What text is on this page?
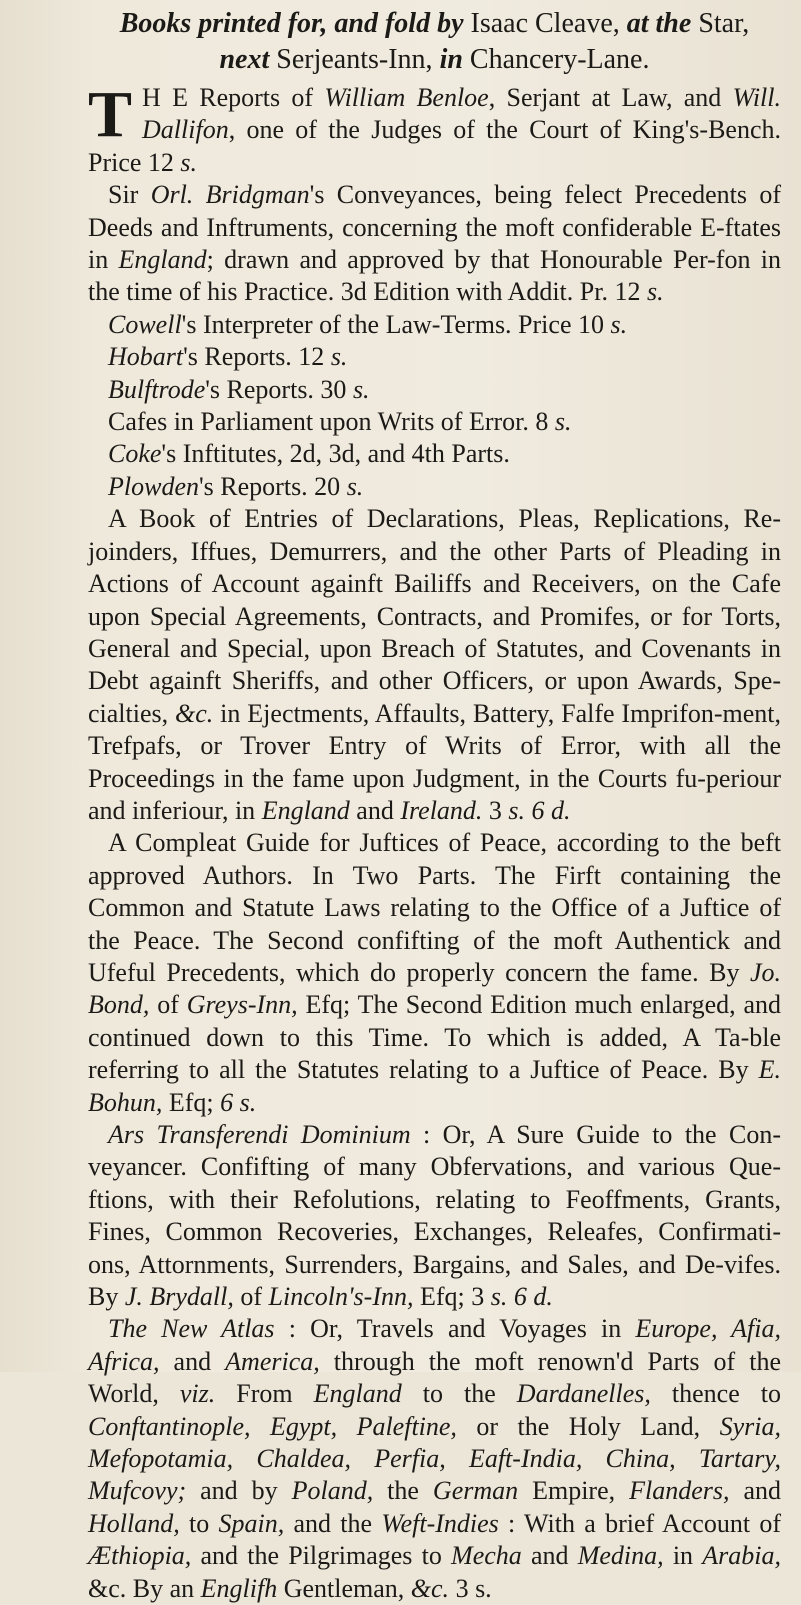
Books printed for, and fold by Isaac Cleave, at the Star,
next Serjeants-Inn, in Chancery-Lane.

T H E Reports of William Benloe, Serjant at Law, and Will. Dallifon, one of the Judges of the Court of King's-Bench. Price 12 s.

Sir Orl. Bridgman's Conveyances, being felect Precedents of Deeds and Inftruments, concerning the moft confiderable E-ftates in England; drawn and approved by that Honourable Per-fon in the time of his Practice. 3d Edition with Addit. Pr. 12 s.

Cowell's Interpreter of the Law-Terms. Price 10 s.

Hobart's Reports. 12 s.

Bulftrode's Reports. 30 s.

Cafes in Parliament upon Writs of Error. 8 s.

Coke's Inftitutes, 2d, 3d, and 4th Parts.

Plowden's Reports. 20 s.

A Book of Entries of Declarations, Pleas, Replications, Re-joinders, Iffues, Demurrers, and the other Parts of Pleading in Actions of Account againft Bailiffs and Receivers, on the Cafe upon Special Agreements, Contracts, and Promifes, or for Torts, General and Special, upon Breach of Statutes, and Covenants in Debt againft Sheriffs, and other Officers, or upon Awards, Spe-cialties, &c. in Ejectments, Affaults, Battery, Falfe Imprifon-ment, Trefpafs, or Trover Entry of Writs of Error, with all the Proceedings in the fame upon Judgment, in the Courts fu-periour and inferiour, in England and Ireland. 3 s. 6 d.

A Compleat Guide for Juftices of Peace, according to the beft approved Authors. In Two Parts. The Firft containing the Common and Statute Laws relating to the Office of a Juftice of the Peace. The Second confifting of the moft Authentick and Ufeful Precedents, which do properly concern the fame. By Jo. Bond, of Greys-Inn, Efq; The Second Edition much enlarged, and continued down to this Time. To which is added, A Ta-ble referring to all the Statutes relating to a Juftice of Peace. By E. Bohun, Efq; 6 s.

Ars Transferendi Dominium : Or, A Sure Guide to the Con-veyancer. Confifting of many Obfervations, and various Que-ftions, with their Refolutions, relating to Feoffments, Grants, Fines, Common Recoveries, Exchanges, Releafes, Confirmati-ons, Attornments, Surrenders, Bargains, and Sales, and De-vifes. By J. Brydall, of Lincoln's-Inn, Efq; 3 s. 6 d.

The New Atlas : Or, Travels and Voyages in Europe, Afia, Africa, and America, through the moft renown'd Parts of the World, viz. From England to the Dardanelles, thence to Conftantinople, Egypt, Paleftine, or the Holy Land, Syria, Mefopotamia, Chaldea, Perfia, Eaft-India, China, Tartary, Mufcovy; and by Poland, the German Empire, Flanders, and Holland, to Spain, and the Weft-Indies : With a brief Account of Æthiopia, and the Pilgrimages to Mecha and Medina, in Arabia, &c. By an Englifh Gentleman, &c. 3 s.
